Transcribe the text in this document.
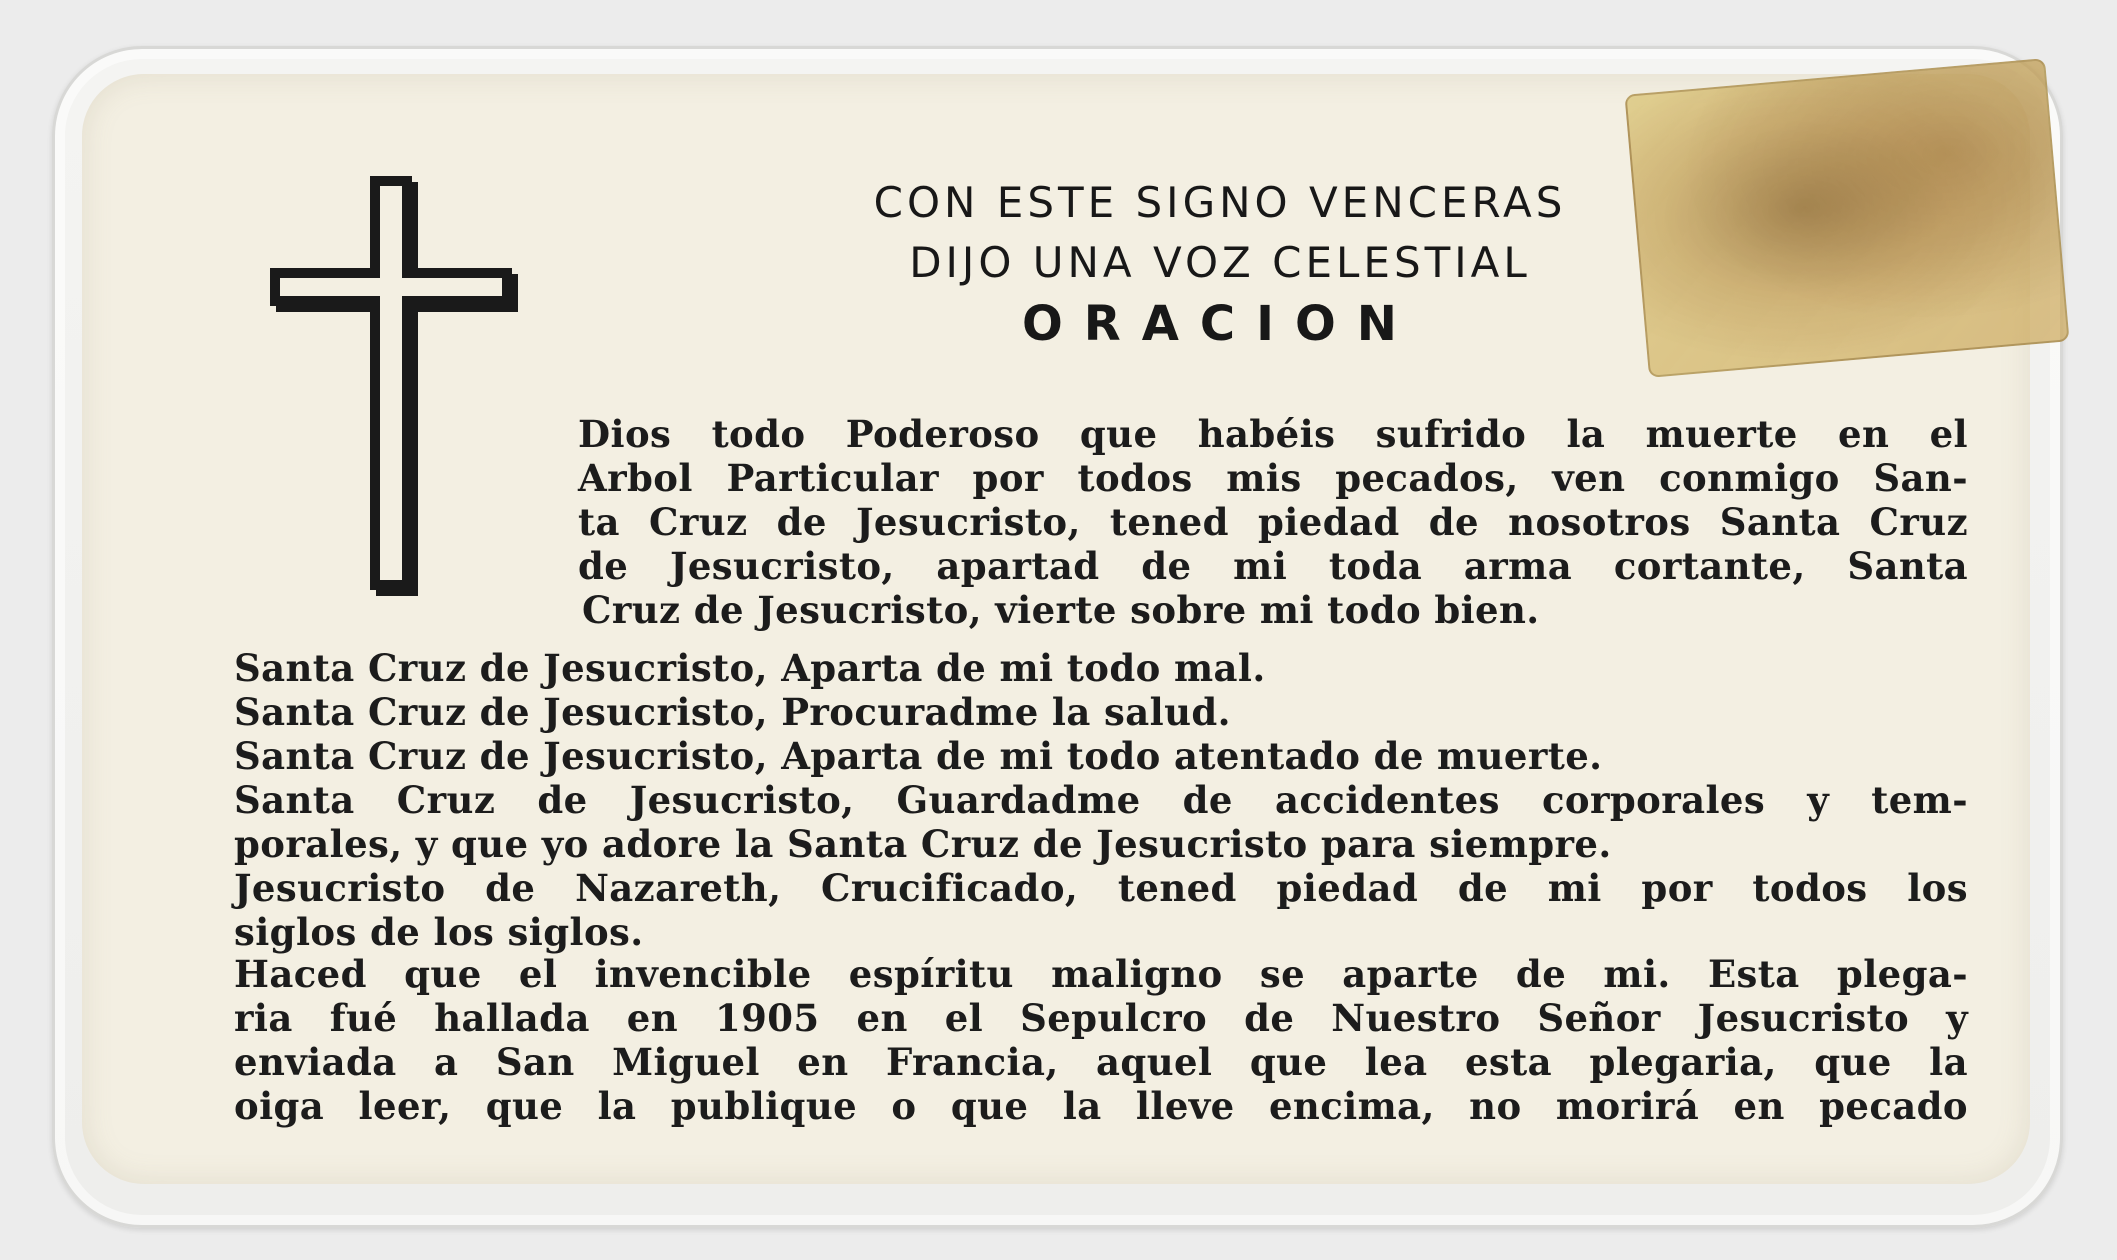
CON ESTE SIGNO VENCERAS
DIJO UNA VOZ CELESTIAL
ORACION
Dios todo Poderoso que habéis sufrido la muerte en el
Arbol Particular por todos mis pecados, ven conmigo San-
ta Cruz de Jesucristo, tened piedad de nosotros Santa Cruz
de Jesucristo, apartad de mi toda arma cortante, Santa
Cruz de Jesucristo, vierte sobre mi todo bien.
Santa Cruz de Jesucristo, Aparta de mi todo mal.
Santa Cruz de Jesucristo, Procuradme la salud.
Santa Cruz de Jesucristo, Aparta de mi todo atentado de muerte.
Santa Cruz de Jesucristo, Guardadme de accidentes corporales y tem-
porales, y que yo adore la Santa Cruz de Jesucristo para siempre.
Jesucristo de Nazareth, Crucificado, tened piedad de mi por todos los
siglos de los siglos.
Haced que el invencible espíritu maligno se aparte de mi. Esta plega-
ria fué hallada en 1905 en el Sepulcro de Nuestro Señor Jesucristo y
enviada a San Miguel en Francia, aquel que lea esta plegaria, que la
oiga leer, que la publique o que la lleve encima, no morirá en pecado
